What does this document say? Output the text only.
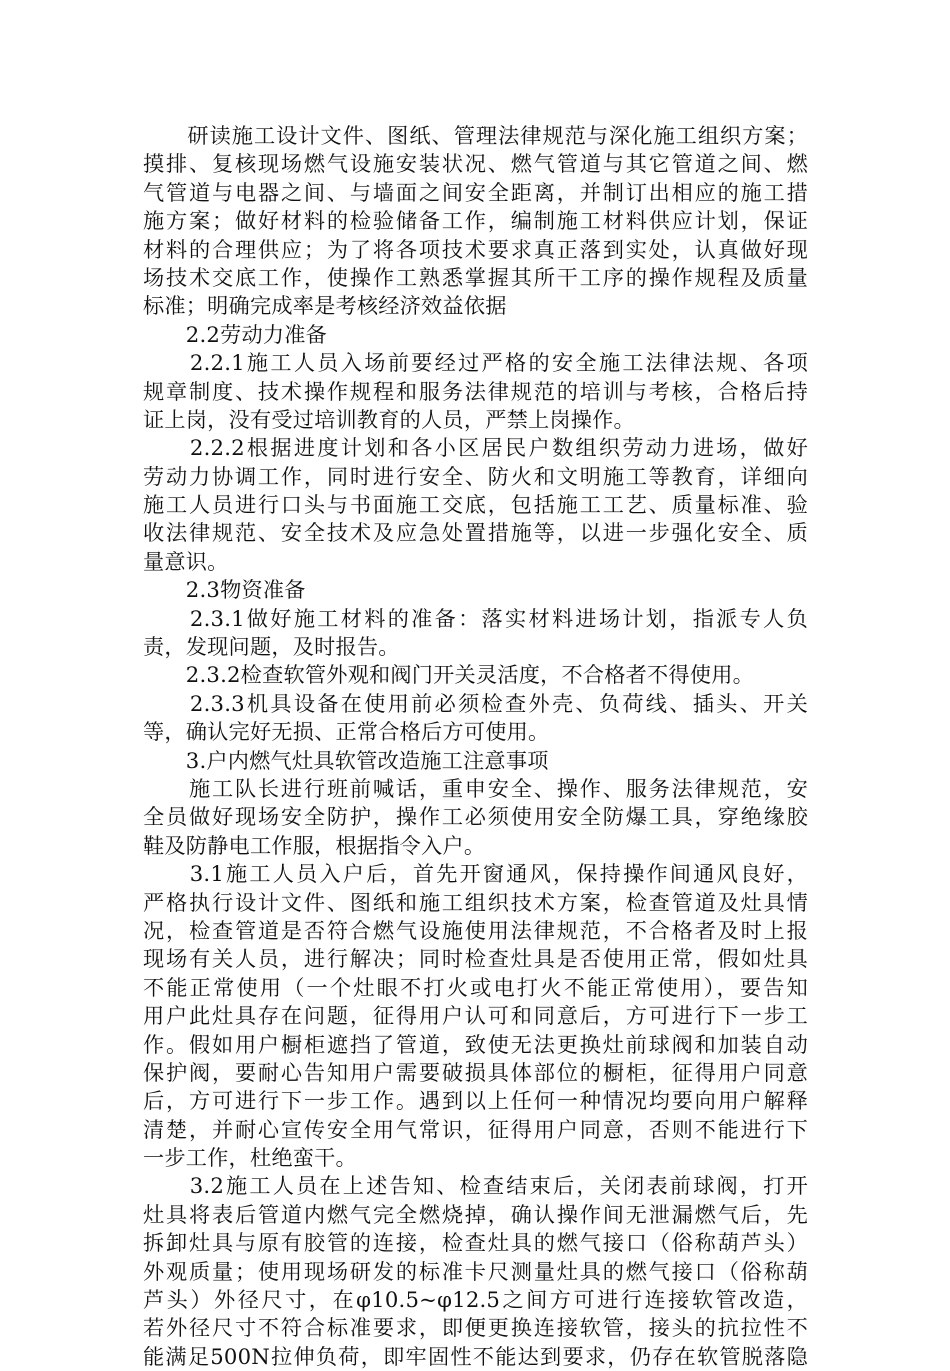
　　研读施工设计文件、图纸、管理法律规范与深化施工组织方案；
摸排、复核现场燃气设施安装状况、燃气管道与其它管道之间、燃
气管道与电器之间、与墙面之间安全距离，并制订出相应的施工措
施方案；做好材料的检验储备工作，编制施工材料供应计划，保证
材料的合理供应；为了将各项技术要求真正落到实处，认真做好现
场技术交底工作，使操作工熟悉掌握其所干工序的操作规程及质量
标准；明确完成率是考核经济效益依据
　　2.2劳动力准备
　　2.2.1施工人员入场前要经过严格的安全施工法律法规、各项
规章制度、技术操作规程和服务法律规范的培训与考核，合格后持
证上岗，没有受过培训教育的人员，严禁上岗操作。
　　2.2.2根据进度计划和各小区居民户数组织劳动力进场，做好
劳动力协调工作，同时进行安全、防火和文明施工等教育，详细向
施工人员进行口头与书面施工交底，包括施工工艺、质量标准、验
收法律规范、安全技术及应急处置措施等，以进一步强化安全、质
量意识。
　　2.3物资准备
　　2.3.1做好施工材料的准备：落实材料进场计划，指派专人负
责，发现问题，及时报告。
　　2.3.2检查软管外观和阀门开关灵活度，不合格者不得使用。
　　2.3.3机具设备在使用前必须检查外壳、负荷线、插头、开关
等，确认完好无损、正常合格后方可使用。
　　3.户内燃气灶具软管改造施工注意事项
　　施工队长进行班前喊话，重申安全、操作、服务法律规范，安
全员做好现场安全防护，操作工必须使用安全防爆工具，穿绝缘胶
鞋及防静电工作服，根据指令入户。
　　3.1施工人员入户后，首先开窗通风，保持操作间通风良好，
严格执行设计文件、图纸和施工组织技术方案，检查管道及灶具情
况，检查管道是否符合燃气设施使用法律规范，不合格者及时上报
现场有关人员，进行解决；同时检查灶具是否使用正常，假如灶具
不能正常使用（一个灶眼不打火或电打火不能正常使用），要告知
用户此灶具存在问题，征得用户认可和同意后，方可进行下一步工
作。假如用户橱柜遮挡了管道，致使无法更换灶前球阀和加装自动
保护阀，要耐心告知用户需要破损具体部位的橱柜，征得用户同意
后，方可进行下一步工作。遇到以上任何一种情况均要向用户解释
清楚，并耐心宣传安全用气常识，征得用户同意，否则不能进行下
一步工作，杜绝蛮干。
　　3.2施工人员在上述告知、检查结束后，关闭表前球阀，打开
灶具将表后管道内燃气完全燃烧掉，确认操作间无泄漏燃气后，先
拆卸灶具与原有胶管的连接，检查灶具的燃气接口（俗称葫芦头）
外观质量；使用现场研发的标准卡尺测量灶具的燃气接口（俗称葫
芦头）外径尺寸，在φ10.5~φ12.5之间方可进行连接软管改造，
若外径尺寸不符合标准要求，即便更换连接软管，接头的抗拉性不
能满足500N拉伸负荷，即牢固性不能达到要求，仍存在软管脱落隐
